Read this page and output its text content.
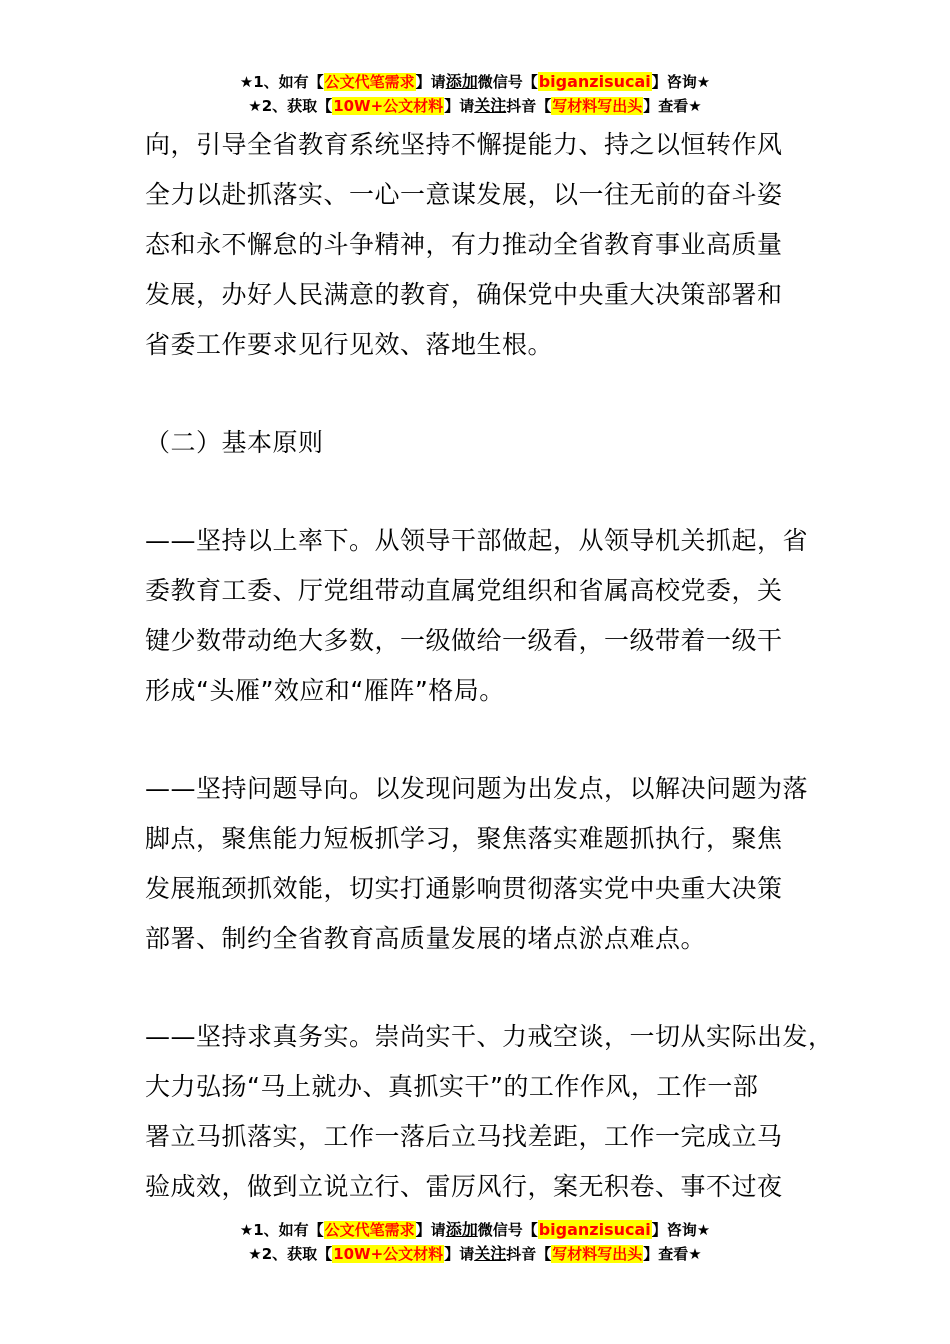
★1、如有【公文代笔需求】请添加微信号【biganzisucai】咨询★
★2、获取【10W+公文材料】请关注抖音【写材料写出头】查看★
向，引导全省教育系统坚持不懈提能力、持之以恒转作风
全力以赴抓落实、一心一意谋发展，以一往无前的奋斗姿
态和永不懈怠的斗争精神，有力推动全省教育事业高质量
发展，办好人民满意的教育，确保党中央重大决策部署和
省委工作要求见行见效、落地生根。
（二）基本原则
——坚持以上率下。从领导干部做起，从领导机关抓起，省
委教育工委、厅党组带动直属党组织和省属高校党委，关
键少数带动绝大多数，一级做给一级看，一级带着一级干
形成“头雁”效应和“雁阵”格局。
——坚持问题导向。以发现问题为出发点，以解决问题为落
脚点，聚焦能力短板抓学习，聚焦落实难题抓执行，聚焦
发展瓶颈抓效能，切实打通影响贯彻落实党中央重大决策
部署、制约全省教育高质量发展的堵点淤点难点。
——坚持求真务实。崇尚实干、力戒空谈，一切从实际出发，
大力弘扬“马上就办、真抓实干”的工作作风，工作一部
署立马抓落实，工作一落后立马找差距，工作一完成立马
验成效，做到立说立行、雷厉风行，案无积卷、事不过夜
★1、如有【公文代笔需求】请添加微信号【biganzisucai】咨询★
★2、获取【10W+公文材料】请关注抖音【写材料写出头】查看★
